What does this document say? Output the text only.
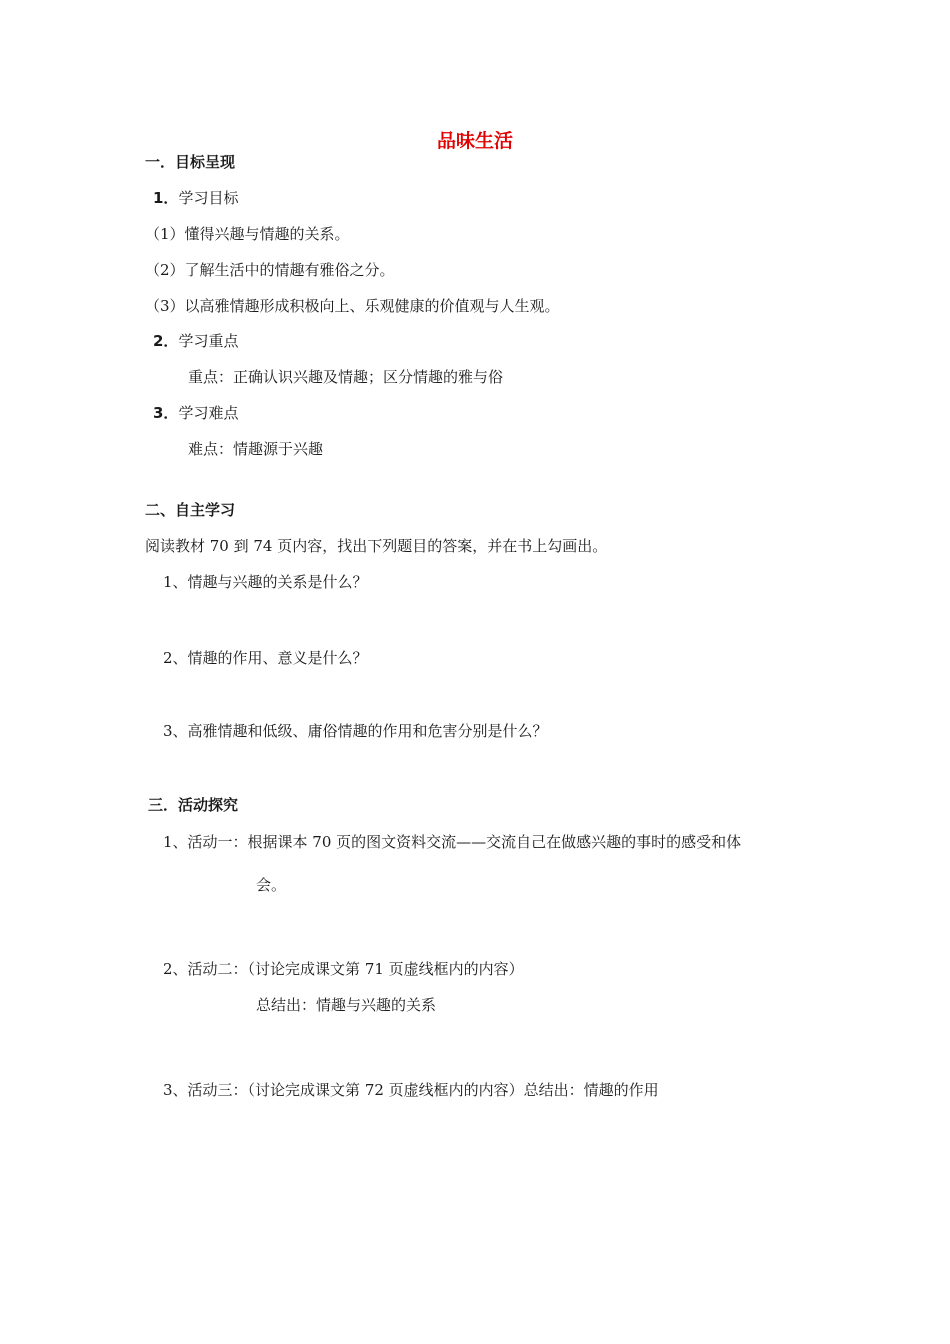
品味生活
一．目标呈现
1．学习目标
（1）懂得兴趣与情趣的关系。
（2）了解生活中的情趣有雅俗之分。
（3）以高雅情趣形成积极向上、乐观健康的价值观与人生观。
2．学习重点
重点：正确认识兴趣及情趣；区分情趣的雅与俗
3．学习难点
难点：情趣源于兴趣
二、自主学习
阅读教材 70 到 74 页内容，找出下列题目的答案，并在书上勾画出。
1、情趣与兴趣的关系是什么？
2、情趣的作用、意义是什么？
3、高雅情趣和低级、庸俗情趣的作用和危害分别是什么？
三．活动探究
1、活动一：根据课本 70 页的图文资料交流——交流自己在做感兴趣的事时的感受和体
会。
2、活动二：（讨论完成课文第 71 页虚线框内的内容）
总结出：情趣与兴趣的关系
3、活动三：（讨论完成课文第 72 页虚线框内的内容）总结出：情趣的作用
